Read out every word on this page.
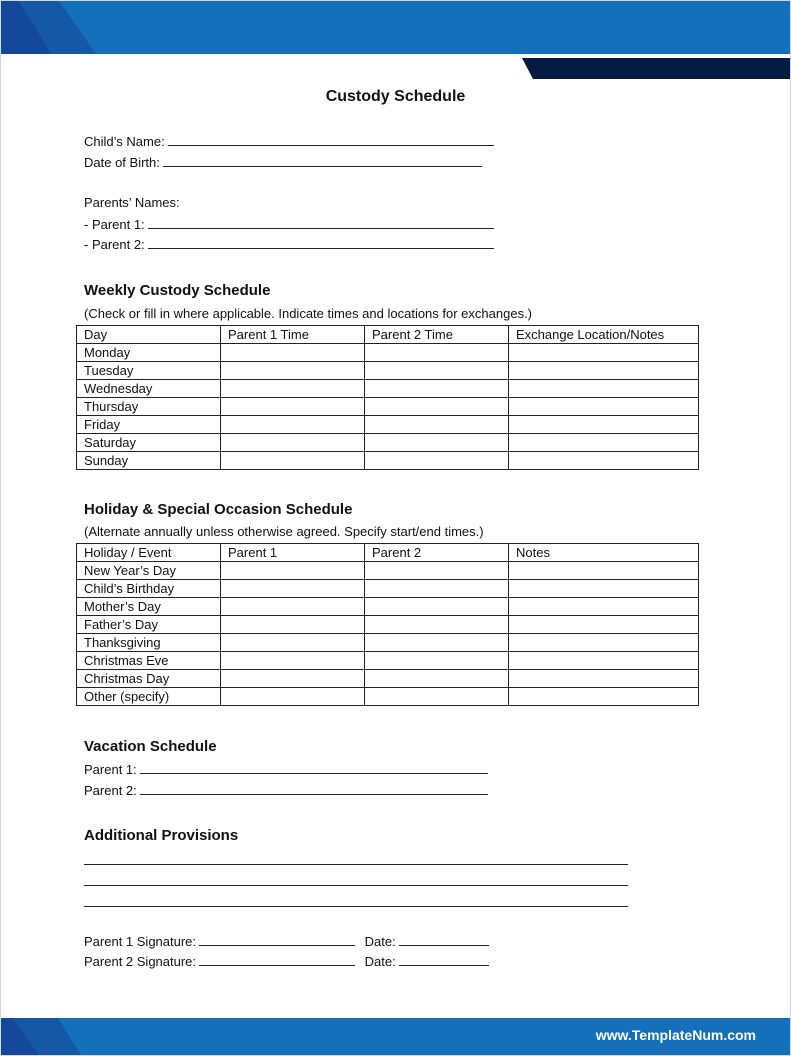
Custody Schedule
Child’s Name:
Date of Birth:
Parents’ Names:
- Parent 1:
- Parent 2:
Weekly Custody Schedule
(Check or fill in where applicable. Indicate times and locations for exchanges.)
Day	Parent 1 Time	Parent 2 Time	Exchange Location/Notes
Monday			
Tuesday			
Wednesday			
Thursday			
Friday			
Saturday			
Sunday			
Holiday & Special Occasion Schedule
(Alternate annually unless otherwise agreed. Specify start/end times.)
Holiday / Event	Parent 1	Parent 2	Notes
New Year’s Day			
Child’s Birthday			
Mother’s Day			
Father’s Day			
Thanksgiving			
Christmas Eve			
Christmas Day			
Other (specify)			
Vacation Schedule
Parent 1:
Parent 2:
Additional Provisions
Parent 1 Signature:	Date:
Parent 2 Signature:	Date:
www.TemplateNum.com
